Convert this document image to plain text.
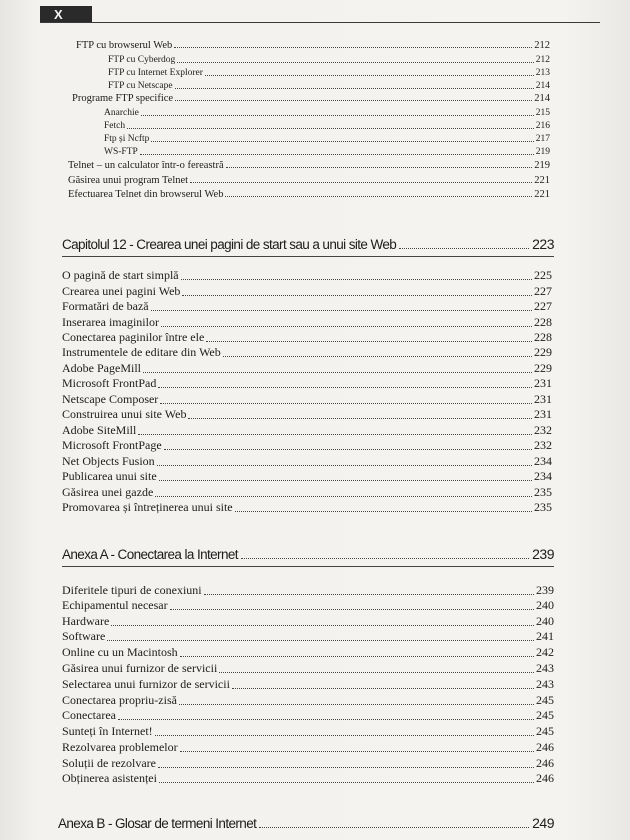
X
FTP cu browserul Web	212
FTP cu Cyberdog	212
FTP cu Internet Explorer	213
FTP cu Netscape	214
Programe FTP specifice	214
Anarchie	215
Fetch	216
Ftp și Ncftp	217
WS-FTP	219
Telnet – un calculator într-o fereastră	219
Găsirea unui program Telnet	221
Efectuarea Telnet din browserul Web	221
Capitolul 12 - Crearea unei pagini de start sau a unui site Web	223
O pagină de start simplă	225
Crearea unei pagini Web	227
Formatări de bază	227
Inserarea imaginilor	228
Conectarea paginilor între ele	228
Instrumentele de editare din Web	229
Adobe PageMill	229
Microsoft FrontPad	231
Netscape Composer	231
Construirea unui site Web	231
Adobe SiteMill	232
Microsoft FrontPage	232
Net Objects Fusion	234
Publicarea unui site	234
Găsirea unei gazde	235
Promovarea și întreținerea unui site	235
Anexa A - Conectarea la Internet	239
Diferitele tipuri de conexiuni	239
Echipamentul necesar	240
Hardware	240
Software	241
Online cu un Macintosh	242
Găsirea unui furnizor de servicii	243
Selectarea unui furnizor de servicii	243
Conectarea propriu-zisă	245
Conectarea	245
Sunteți în Internet!	245
Rezolvarea problemelor	246
Soluții de rezolvare	246
Obținerea asistenței	246
Anexa B - Glosar de termeni Internet	249
